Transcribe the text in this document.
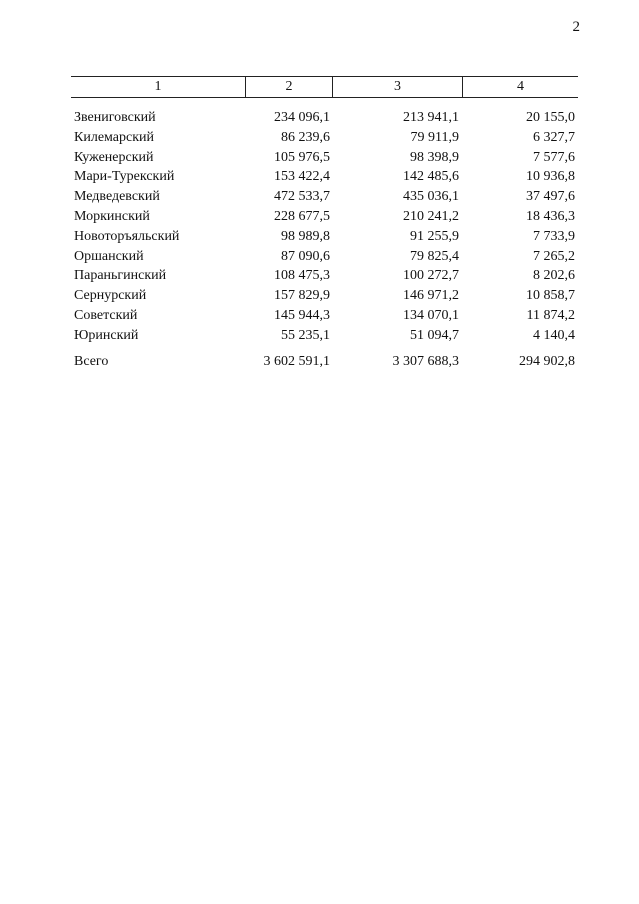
2
1	2	3	4
Звениговский	234 096,1	213 941,1	20 155,0
Килемарский	86 239,6	79 911,9	6 327,7
Куженерский	105 976,5	98 398,9	7 577,6
Мари-Турекский	153 422,4	142 485,6	10 936,8
Медведевский	472 533,7	435 036,1	37 497,6
Моркинский	228 677,5	210 241,2	18 436,3
Новоторъяльский	98 989,8	91 255,9	7 733,9
Оршанский	87 090,6	79 825,4	7 265,2
Параньгинский	108 475,3	100 272,7	8 202,6
Сернурский	157 829,9	146 971,2	10 858,7
Советский	145 944,3	134 070,1	11 874,2
Юринский	55 235,1	51 094,7	4 140,4
Всего	3 602 591,1	3 307 688,3	294 902,8
